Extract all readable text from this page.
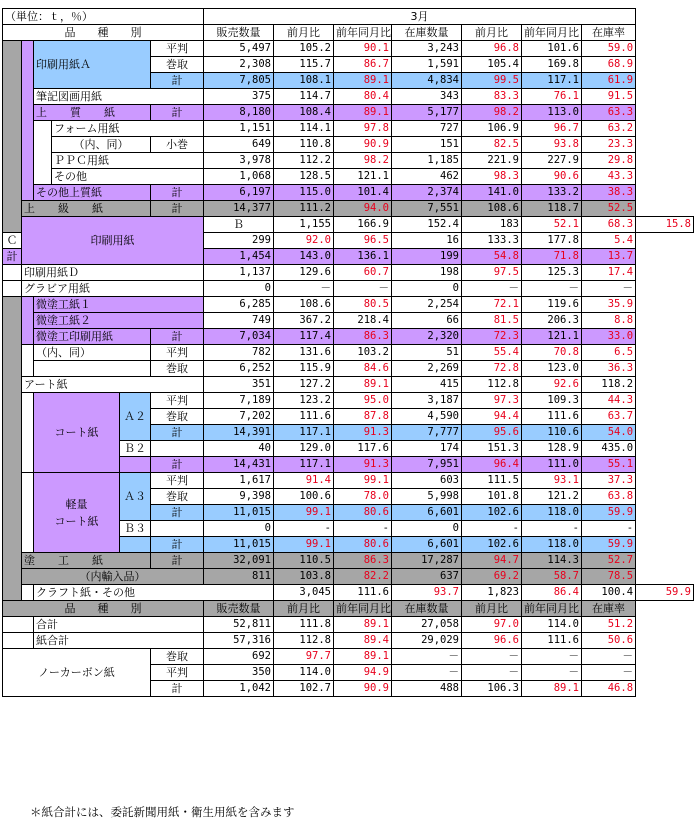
（単位：ｔ，％）						3月							
品　　種　　別						販売数量	前月比	前年同月比	在庫数量	前月比	前年同月比	在庫率	
		印刷用紙Ａ			平判	5,497	105.2	90.1	3,243	96.8	101.6	59.0	
					巻取	2,308	115.7	86.7	1,591	105.4	169.8	68.9	
					計	7,805	108.1	89.1	4,834	99.5	117.1	61.9	
		筆記図画用紙				375	114.7	80.4	343	83.3	76.1	91.5	
		上　質　紙			計	8,180	108.4	89.1	5,177	98.2	113.0	63.3	
			フォーム用紙			1,151	114.1	97.8	727	106.9	96.7	63.2	
			（内、同）		小巻	649	110.8	90.9	151	82.5	93.8	23.3	
			ＰＰＣ用紙			3,978	112.2	98.2	1,185	221.9	227.9	29.8	
			その他			1,068	128.5	121.1	462	98.3	90.6	43.3	
		その他上質紙			計	6,197	115.0	101.4	2,374	141.0	133.2	38.3	
	上　級　紙				計	14,377	111.2	94.0	7,551	108.6	118.7	52.5	
	印刷用紙					Ｂ	1,155	166.9	152.4	183	52.1	68.3	15.8
Ｃ						299	92.0	96.5	16	133.3	177.8	5.4	
計						1,454	143.0	136.1	199	54.8	71.8	13.7	
	印刷用紙Ｄ					1,137	129.6	60.7	198	97.5	125.3	17.4	
	グラビア用紙					0	－	－	0	－	－	－	
		微塗工紙１				6,285	108.6	80.5	2,254	72.1	119.6	35.9	
		微塗工紙２				749	367.2	218.4	66	81.5	206.3	8.8	
		微塗工印刷用紙			計	7,034	117.4	86.3	2,320	72.3	121.1	33.0	
		（内、同）			平判	782	131.6	103.2	51	55.4	70.8	6.5	
					巻取	6,252	115.9	84.6	2,269	72.8	123.0	36.3	
	アート紙					351	127.2	89.1	415	112.8	92.6	118.2	
		コート紙		Ａ２	平判	7,189	123.2	95.0	3,187	97.3	109.3	44.3	
					巻取	7,202	111.6	87.8	4,590	94.4	111.6	63.7	
					計	14,391	117.1	91.3	7,777	95.6	110.6	54.0	
				Ｂ２		40	129.0	117.6	174	151.3	128.9	435.0	
					計	14,431	117.1	91.3	7,951	96.4	111.0	55.1	
		軽量
コート紙		Ａ３	平判	1,617	91.4	99.1	603	111.5	93.1	37.3	
					巻取	9,398	100.6	78.0	5,998	101.8	121.2	63.8	
					計	11,015	99.1	80.6	6,601	102.6	118.0	59.9	
				Ｂ３		0	-	-	0	-	-	-	
					計	11,015	99.1	80.6	6,601	102.6	118.0	59.9	
	塗　工　紙				計	32,091	110.5	86.3	17,287	94.7	114.3	52.7	
	（内輸入品）					811	103.8	82.2	637	69.2	58.7	78.5	
		クラフト紙・その他					3,045	111.6	93.7	1,823	86.4	100.4	59.9
品　　種　　別						販売数量	前月比	前年同月比	在庫数量	前月比	前年同月比	在庫率	
		合計				52,811	111.8	89.1	27,058	97.0	114.0	51.2	
		紙合計				57,316	112.8	89.4	29,029	96.6	111.6	50.6	
ノーカーボン紙					巻取	692	97.7	89.1	－	－	－	－	
					平判	350	114.0	94.9	－	－	－	－	
					計	1,042	102.7	90.9	488	106.3	89.1	46.8	
＊紙合計には、委託新聞用紙・衛生用紙を含みます
